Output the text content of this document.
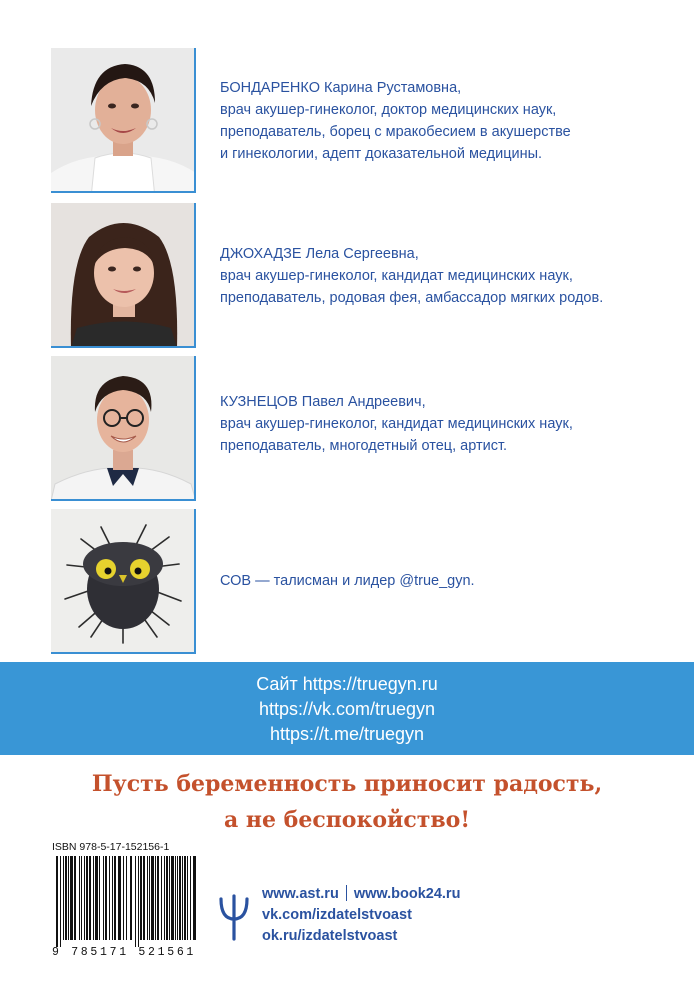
БОНДАРЕНКО Карина Рустамовна,
врач акушер-гинеколог, доктор медицинских наук,
преподаватель, борец с мракобесием в акушерстве
и гинекологии, адепт доказательной медицины.
ДЖОХАДЗЕ Лела Сергеевна,
врач акушер-гинеколог, кандидат медицинских наук,
преподаватель, родовая фея, амбассадор мягких родов.
КУЗНЕЦОВ Павел Андреевич,
врач акушер-гинеколог, кандидат медицинских наук,
преподаватель, многодетный отец, артист.
СОВ — талисман и лидер @true_gyn.
Сайт https://truegyn.ru
https://vk.com/truegyn
https://t.me/truegyn
Пусть беременность приносит радость,
а не беспокойство!
ISBN 978-5-17-152156-1
9 785171 521561
www.ast.ru www.book24.ru
vk.com/izdatelstvoast
ok.ru/izdatelstvoast
